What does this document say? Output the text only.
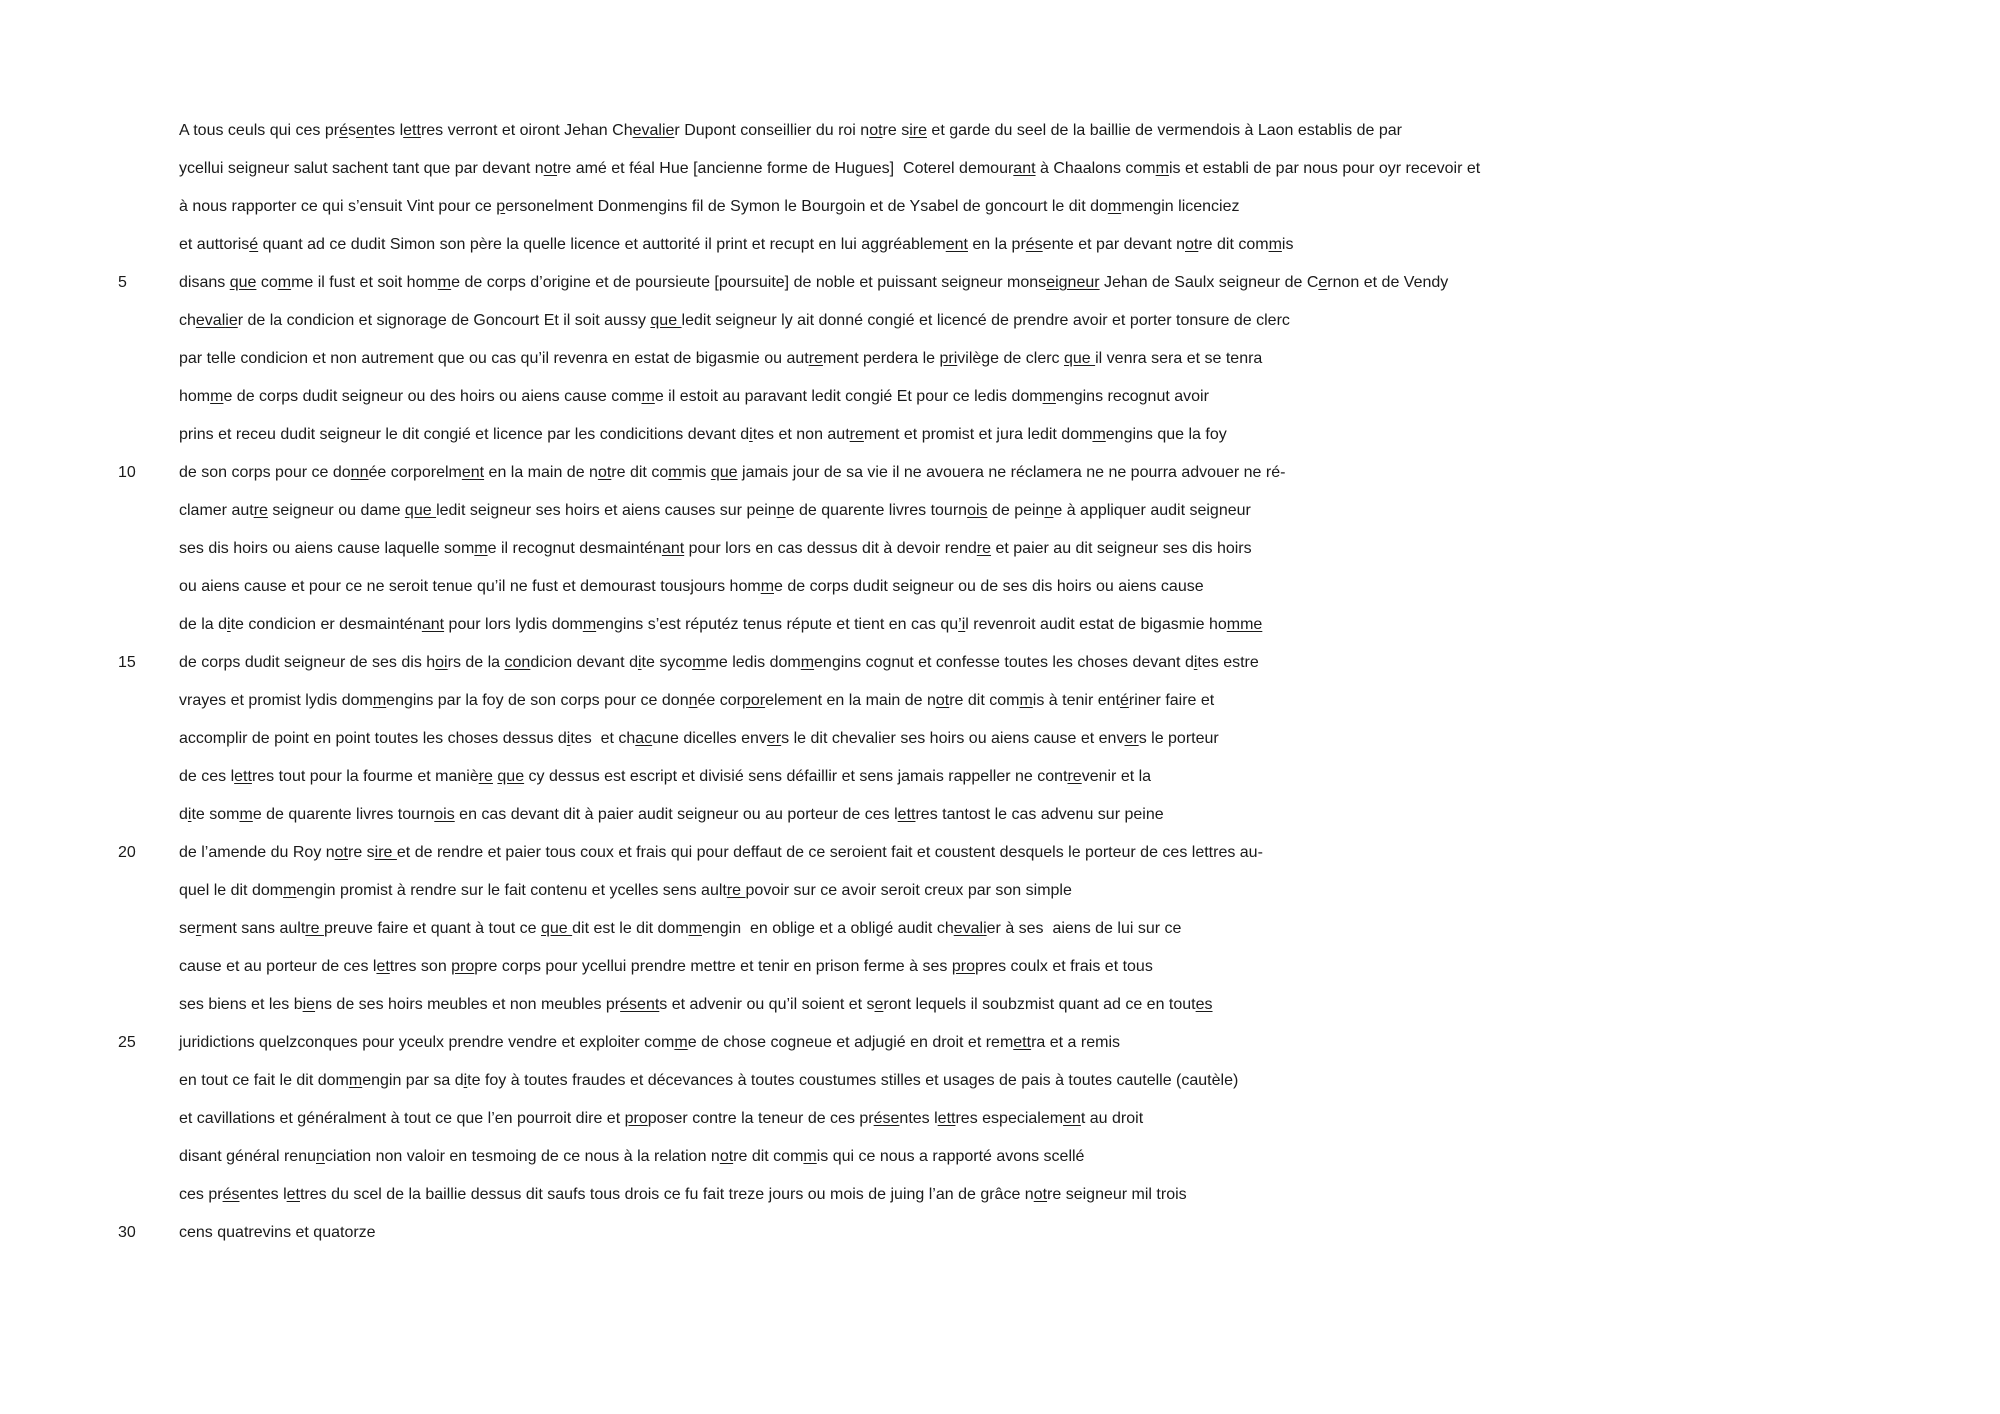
A tous ceuls qui ces présentes lettres verront et oiront Jehan Chevalier Dupont conseillier du roi notre sire et garde du seel de la baillie de vermendois à Laon establis de par
ycellui seigneur salut sachent tant que par devant notre amé et féal Hue [ancienne forme de Hugues]  Coterel demourant à Chaalons commis et establi de par nous pour oyr recevoir et
à nous rapporter ce qui s’ensuit Vint pour ce personelment Donmengins fil de Symon le Bourgoin et de Ysabel de goncourt le dit dommengin licenciez
et auttorisé quant ad ce dudit Simon son père la quelle licence et auttorité il print et recupt en lui aggréablement en la présente et par devant notre dit commis
5	disans que comme il fust et soit homme de corps d’origine et de poursieute [poursuite] de noble et puissant seigneur monseigneur Jehan de Saulx seigneur de Cernon et de Vendy
chevalier de la condicion et signorage de Goncourt Et il soit aussy que ledit seigneur ly ait donné congié et licencé de prendre avoir et porter tonsure de clerc
par telle condicion et non autrement que ou cas qu’il revenra en estat de bigasmie ou autrement perdera le privilège de clerc que il venra sera et se tenra
homme de corps dudit seigneur ou des hoirs ou aiens cause comme il estoit au paravant ledit congié Et pour ce ledis dommengins recognut avoir
prins et receu dudit seigneur le dit congié et licence par les condicitions devant dites et non autrement et promist et jura ledit dommengins que la foy
10	de son corps pour ce donnée corporelment en la main de notre dit commis que jamais jour de sa vie il ne avouera ne réclamera ne ne pourra advouer ne ré-
clamer autre seigneur ou dame que ledit seigneur ses hoirs et aiens causes sur peinne de quarente livres tournois de peinne à appliquer audit seigneur
ses dis hoirs ou aiens cause laquelle somme il recognut desmainténant pour lors en cas dessus dit à devoir rendre et paier au dit seigneur ses dis hoirs
ou aiens cause et pour ce ne seroit tenue qu’il ne fust et demourast tousjours homme de corps dudit seigneur ou de ses dis hoirs ou aiens cause
de la dite condicion er desmainténant pour lors lydis dommengins s’est réputéz tenus répute et tient en cas qu’il revenroit audit estat de bigasmie homme
15	de corps dudit seigneur de ses dis hoirs de la condicion devant dite sycomme ledis dommengins cognut et confesse toutes les choses devant dites estre
vrayes et promist lydis dommengins par la foy de son corps pour ce donnée corporelement en la main de notre dit commis à tenir entériner faire et
accomplir de point en point toutes les choses dessus dites  et chacune dicelles envers le dit chevalier ses hoirs ou aiens cause et envers le porteur
de ces lettres tout pour la fourme et manière que cy dessus est escript et divisié sens défaillir et sens jamais rappeller ne contrevenir et la
dite somme de quarente livres tournois en cas devant dit à paier audit seigneur ou au porteur de ces lettres tantost le cas advenu sur peine
20	de l’amende du Roy notre sire et de rendre et paier tous coux et frais qui pour deffaut de ce seroient fait et coustent desquels le porteur de ces lettres au-
quel le dit dommengin promist à rendre sur le fait contenu et ycelles sens aultre povoir sur ce avoir seroit creux par son simple
serment sans aultre preuve faire et quant à tout ce que dit est le dit dommengin  en oblige et a obligé audit chevalier à ses  aiens de lui sur ce
cause et au porteur de ces lettres son propre corps pour ycellui prendre mettre et tenir en prison ferme à ses propres coulx et frais et tous
ses biens et les biens de ses hoirs meubles et non meubles présents et advenir ou qu’il soient et seront lequels il soubzmist quant ad ce en toutes
25	juridictions quelzconques pour yceulx prendre vendre et exploiter comme de chose cogneue et adjugié en droit et remettra et a remis
en tout ce fait le dit dommengin par sa dite foy à toutes fraudes et décevances à toutes coustumes stilles et usages de pais à toutes cautelle (cautèle)
et cavillations et généralment à tout ce que l’en pourroit dire et proposer contre la teneur de ces présentes lettres especialement au droit
disant général renunciation non valoir en tesmoing de ce nous à la relation notre dit commis qui ce nous a rapporté avons scellé
ces présentes lettres du scel de la baillie dessus dit saufs tous drois ce fu fait treze jours ou mois de juing l’an de grâce notre seigneur mil trois
30	cens quatrevins et quatorze
